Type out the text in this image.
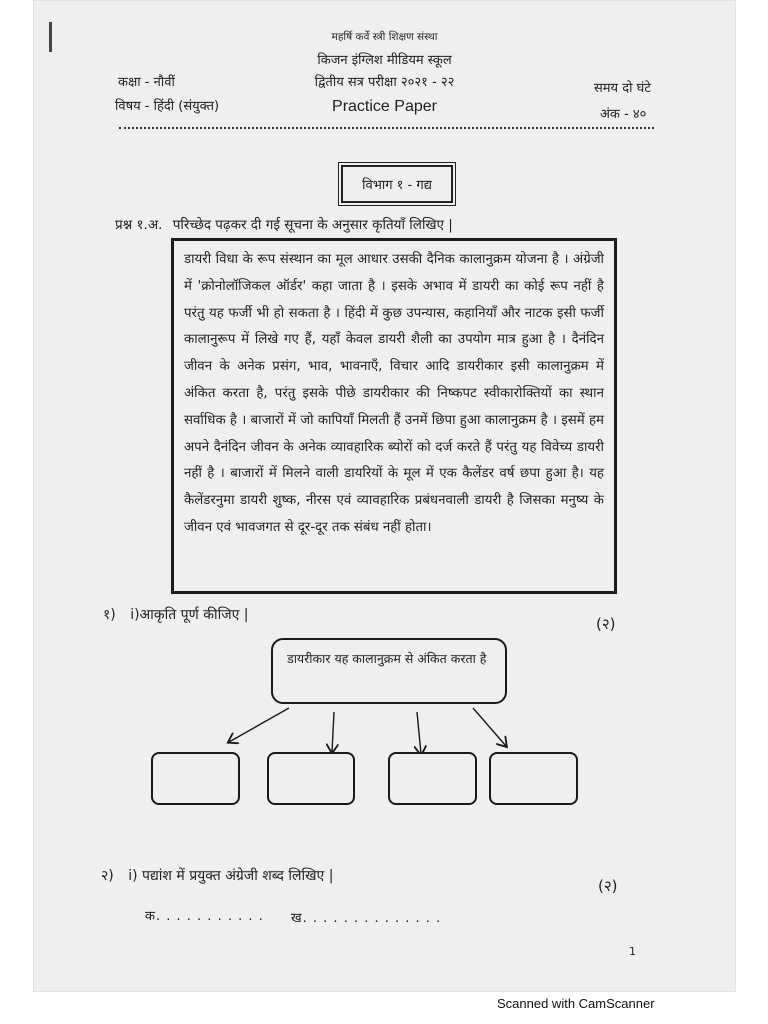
महर्षि कर्वे स्त्री शिक्षण संस्था
किजन इंग्लिश मीडियम स्कूल
द्वितीय सत्र परीक्षा २०२१ - २२
Practice Paper
कक्षा - नौवीं
विषय - हिंदी (संयुक्त)
समय दो घंटे
अंक - ४०
विभाग १ - गद्य
प्रश्न १.अ. परिच्छेद पढ़कर दी गई सूचना के अनुसार कृतियाँ लिखिए |

डायरी विधा के रूप संस्थान का मूल आधार उसकी दैनिक कालानुक्रम योजना है । अंग्रेजी में 'क्रोनोलॉजिकल ऑर्डर' कहा जाता है । इसके अभाव में डायरी का कोई रूप नहीं है परंतु यह फर्जी भी हो सकता है । हिंदी में कुछ उपन्यास, कहानियाँ और नाटक इसी फर्जी कालानुरूप में लिखे गए हैं, यहाँ केवल डायरी शैली का उपयोग मात्र हुआ है । दैनंदिन जीवन के अनेक प्रसंग, भाव, भावनाएँ, विचार आदि डायरीकार इसी कालानुक्रम में अंकित करता है, परंतु इसके पीछे डायरीकार की निष्कपट स्वीकारोक्तियों का स्थान सर्वाधिक है । बाजारों में जो कापियाँ मिलती हैं उनमें छिपा हुआ कालानुक्रम है । इसमें हम अपने दैनंदिन जीवन के अनेक व्यावहारिक ब्योरों को दर्ज करते हैं परंतु यह विवेच्य डायरी नहीं है । बाजारों में मिलने वाली डायरियों के मूल में एक कैलेंडर वर्ष छपा हुआ है। यह कैलेंडरनुमा डायरी शुष्क, नीरस एवं व्यावहारिक प्रबंधनवाली डायरी है जिसका मनुष्य के जीवन एवं भावजगत से दूर-दूर तक संबंध नहीं होता।

१) i)आकृति पूर्ण कीजिए |	(२)
डायरीकार यह कालानुक्रम से अंकित करता है
२) i) पद्यांश में प्रयुक्त अंग्रेजी शब्द लिखिए |
(२)
क. . . . . . . . . . . ख. . . . . . . . . . . . . .
1
Scanned with CamScanner
